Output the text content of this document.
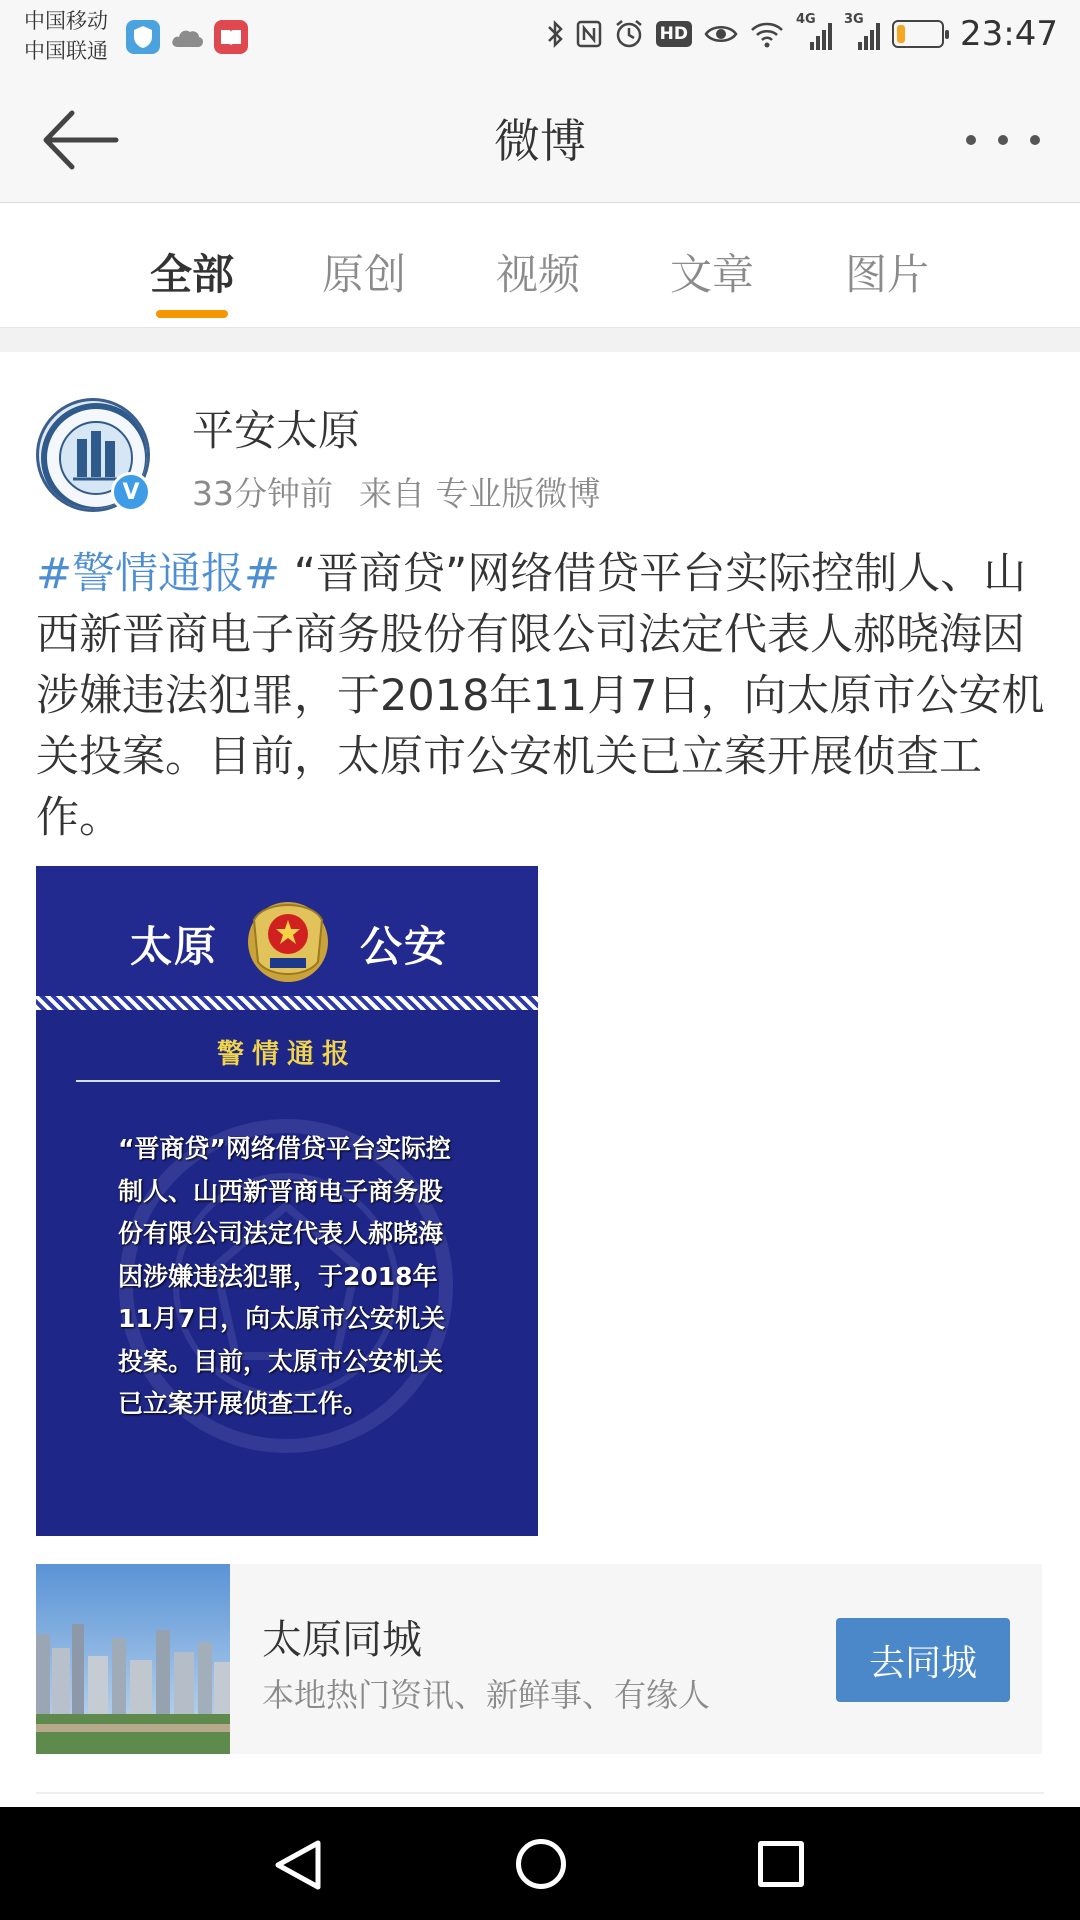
中国移动
中国联通
HD
4G 3G	23:47
微博
全部 原创 视频 文章 图片
V
平安太原
33分钟前 来自 专业版微博
#警情通报# “晋商贷”网络借贷平台实际控制人、山西新晋商电子商务股份有限公司法定代表人郝晓海因涉嫌违法犯罪，于2018年11月7日，向太原市公安机关投案。目前，太原市公安机关已立案开展侦查工作。
太原	公安
警情通报
“晋商贷”网络借贷平台实际控制人、山西新晋商电子商务股份有限公司法定代表人郝晓海因涉嫌违法犯罪，于2018年11月7日，向太原市公安机关投案。目前，太原市公安机关已立案开展侦查工作。
太原同城
本地热门资讯、新鲜事、有缘人
去同城
